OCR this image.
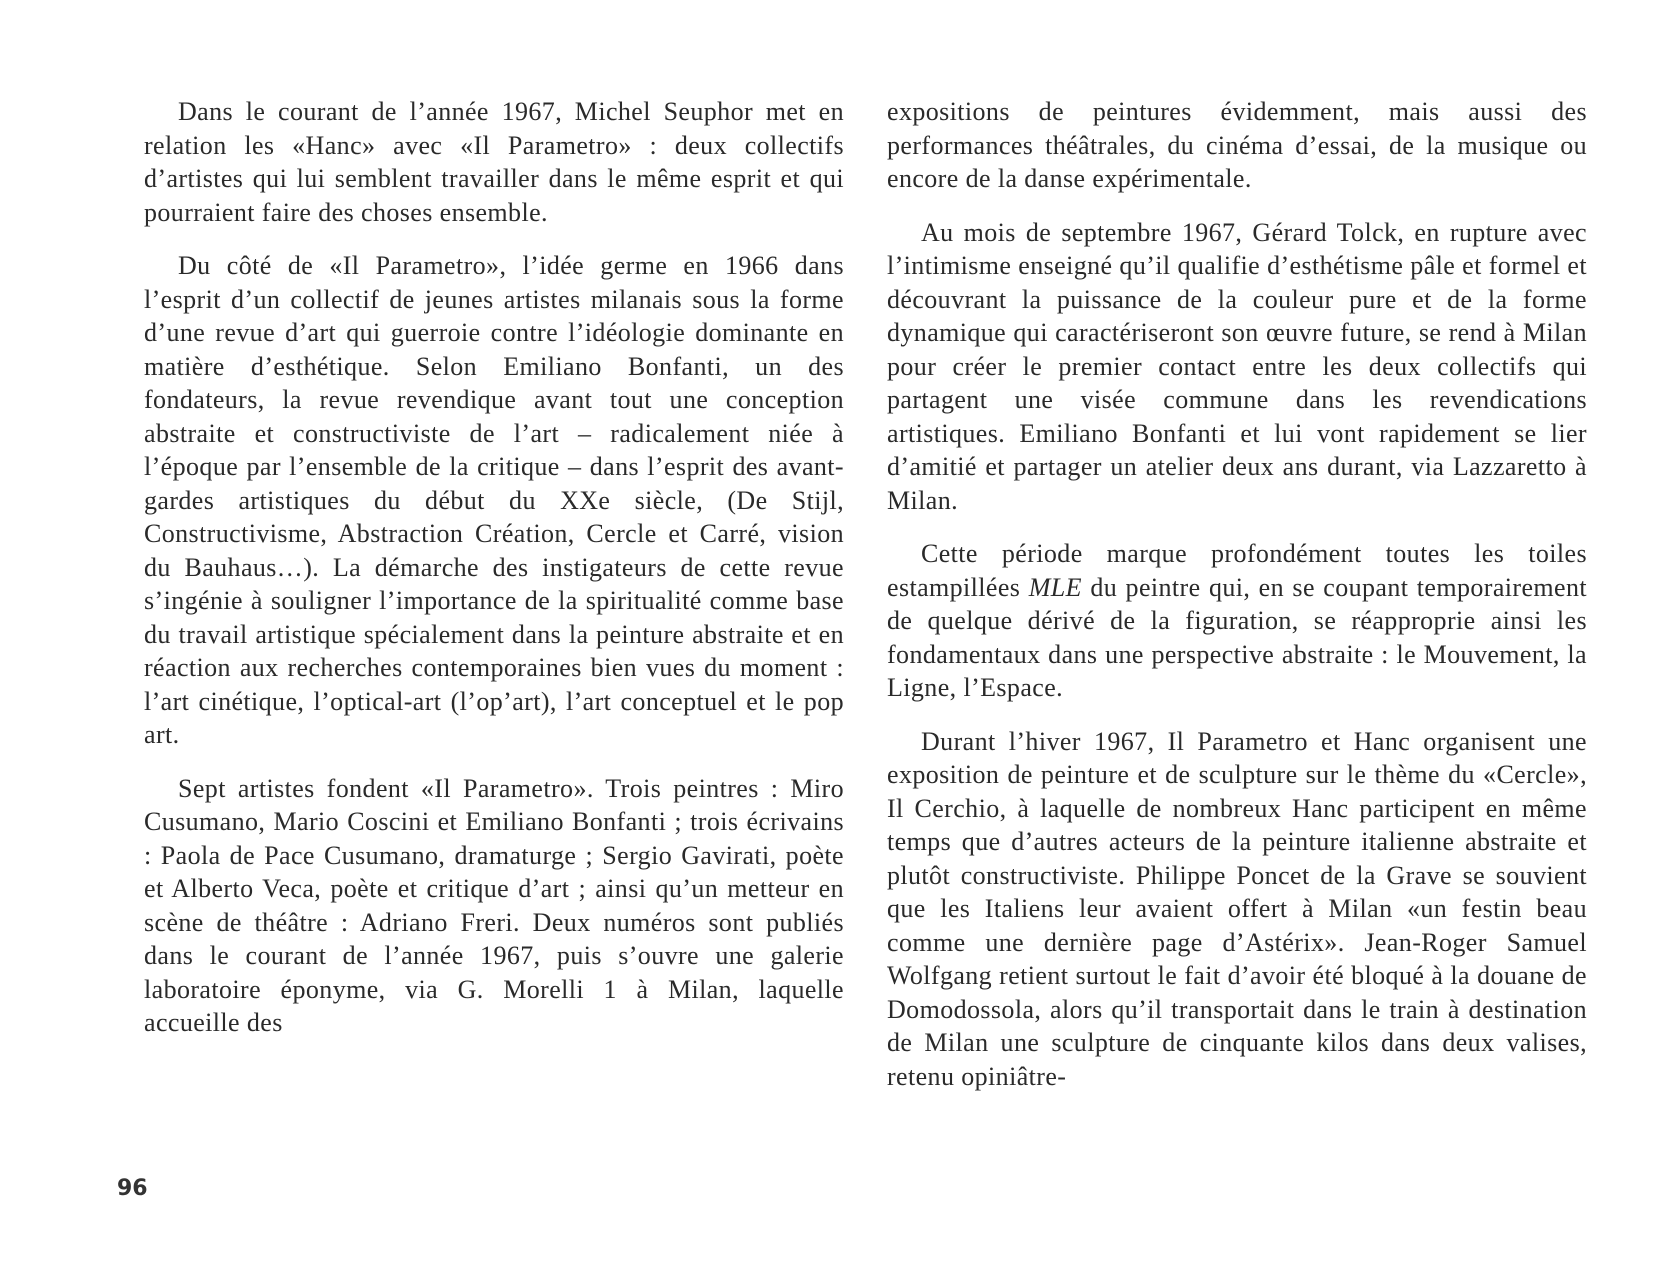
Dans le courant de l’année 1967, Michel Seuphor met en relation les «Hanc» avec «Il Parametro» : deux collectifs d’artistes qui lui semblent travailler dans le même esprit et qui pourraient faire des choses ensemble.

Du côté de «Il Parametro», l’idée germe en 1966 dans l’esprit d’un collectif de jeunes artistes milanais sous la forme d’une revue d’art qui guerroie contre l’idéologie dominante en matière d’esthétique. Selon Emiliano Bonfanti, un des fondateurs, la revue revendique avant tout une conception abstraite et constructiviste de l’art – radicalement niée à l’époque par l’ensemble de la critique – dans l’esprit des avant-gardes artistiques du début du XXe siècle, (De Stijl, Constructivisme, Abstraction Création, Cercle et Carré, vision du Bauhaus…). La démarche des instigateurs de cette revue s’ingénie à souligner l’importance de la spiritualité comme base du travail artistique spécialement dans la peinture abstraite et en réaction aux recherches contemporaines bien vues du moment : l’art cinétique, l’optical-art (l’op’art), l’art conceptuel et le pop art.

Sept artistes fondent «Il Parametro». Trois peintres : Miro Cusumano, Mario Coscini et Emiliano Bonfanti ; trois écrivains : Paola de Pace Cusumano, dramaturge ; Sergio Gavirati, poète et Alberto Veca, poète et critique d’art ; ainsi qu’un metteur en scène de théâtre : Adriano Freri. Deux numéros sont publiés dans le courant de l’année 1967, puis s’ouvre une galerie laboratoire éponyme, via G. Morelli 1 à Milan, laquelle accueille des

expositions de peintures évidemment, mais aussi des performances théâtrales, du cinéma d’essai, de la musique ou encore de la danse expérimentale.

Au mois de septembre 1967, Gérard Tolck, en rupture avec l’intimisme enseigné qu’il qualifie d’esthétisme pâle et formel et découvrant la puissance de la couleur pure et de la forme dynamique qui caractériseront son œuvre future, se rend à Milan pour créer le premier contact entre les deux collectifs qui partagent une visée commune dans les revendications artistiques. Emiliano Bonfanti et lui vont rapidement se lier d’amitié et partager un atelier deux ans durant, via Lazzaretto à Milan.

Cette période marque profondément toutes les toiles estampillées MLE du peintre qui, en se coupant temporairement de quelque dérivé de la figuration, se réapproprie ainsi les fondamentaux dans une perspective abstraite : le Mouvement, la Ligne, l’Espace.

Durant l’hiver 1967, Il Parametro et Hanc organisent une exposition de peinture et de sculpture sur le thème du «Cercle», Il Cerchio, à laquelle de nombreux Hanc participent en même temps que d’autres acteurs de la peinture italienne abstraite et plutôt constructiviste. Philippe Poncet de la Grave se souvient que les Italiens leur avaient offert à Milan «un festin beau comme une dernière page d’Astérix». Jean-Roger Samuel Wolfgang retient surtout le fait d’avoir été bloqué à la douane de Domodossola, alors qu’il transportait dans le train à destination de Milan une sculpture de cinquante kilos dans deux valises, retenu opiniâtre-

96
